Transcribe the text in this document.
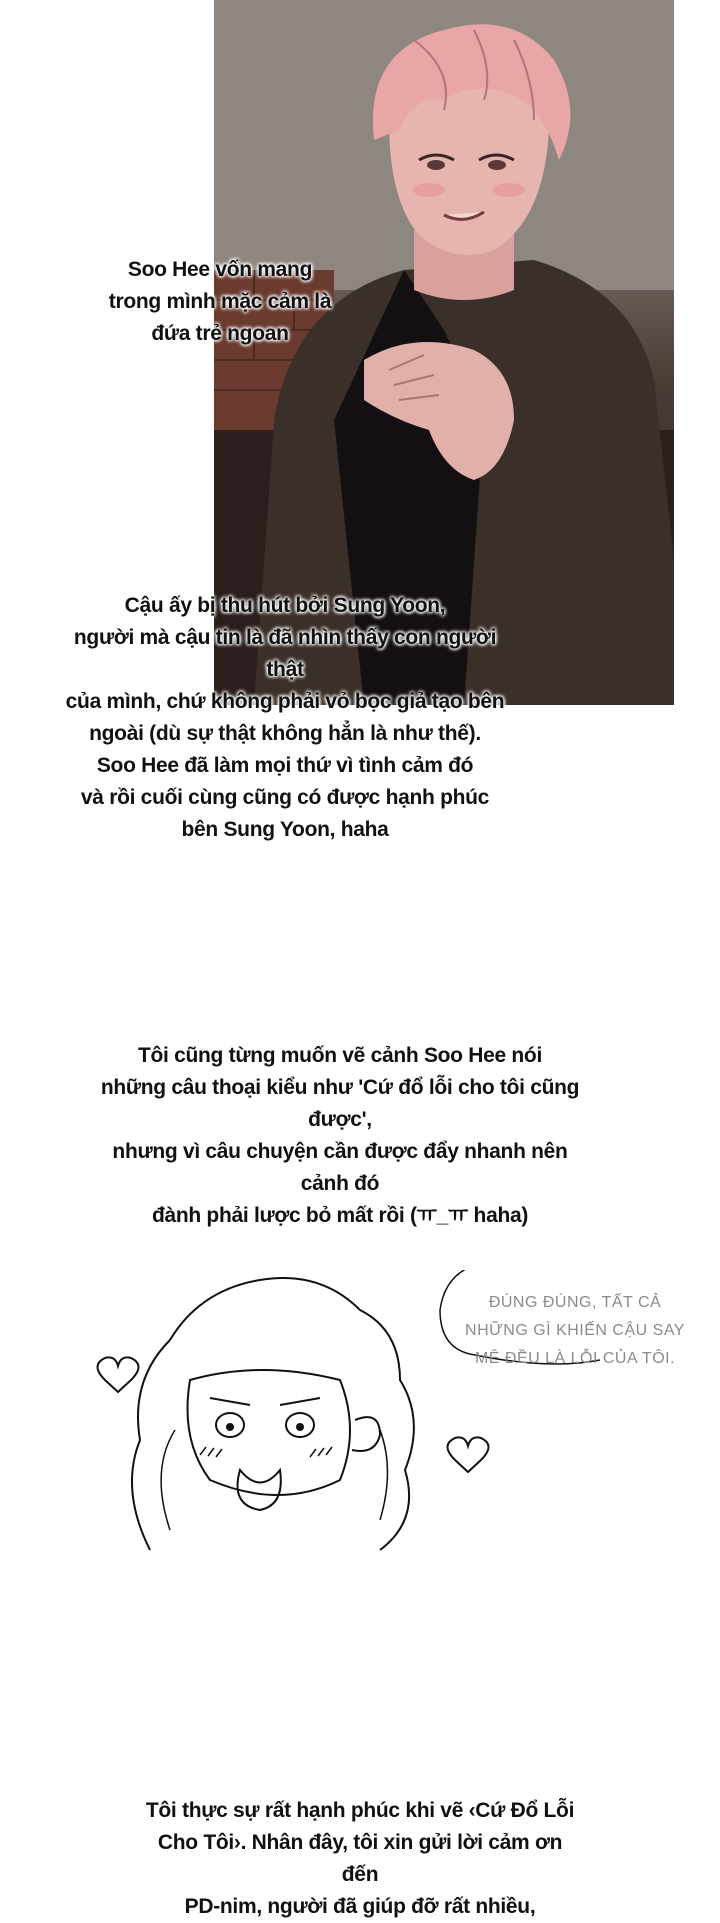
Soo Hee vốn mang
trong mình mặc cảm là
đứa trẻ ngoan
Cậu ấy bị thu hút bởi Sung Yoon,
người mà cậu tin là đã nhìn thấy con người thật
của mình, chứ không phải vỏ bọc giả tạo bên
ngoài (dù sự thật không hẳn là như thế).
Soo Hee đã làm mọi thứ vì tình cảm đó
và rồi cuối cùng cũng có được hạnh phúc
bên Sung Yoon, haha
Tôi cũng từng muốn vẽ cảnh Soo Hee nói
những câu thoại kiểu như 'Cứ đổ lỗi cho tôi cũng được',
nhưng vì câu chuyện cần được đẩy nhanh nên cảnh đó
đành phải lược bỏ mất rồi (ㅠ_ㅠ haha)
ĐÚNG ĐÚNG, TẤT CẢ
NHỮNG GÌ KHIẾN CẬU SAY
MÊ ĐỀU LÀ LỖI CỦA TÔI.
Tôi thực sự rất hạnh phúc khi vẽ ‹Cứ Đổ Lỗi
Cho Tôi›. Nhân đây, tôi xin gửi lời cảm ơn đến
PD-nim, người đã giúp đỡ rất nhiều,
